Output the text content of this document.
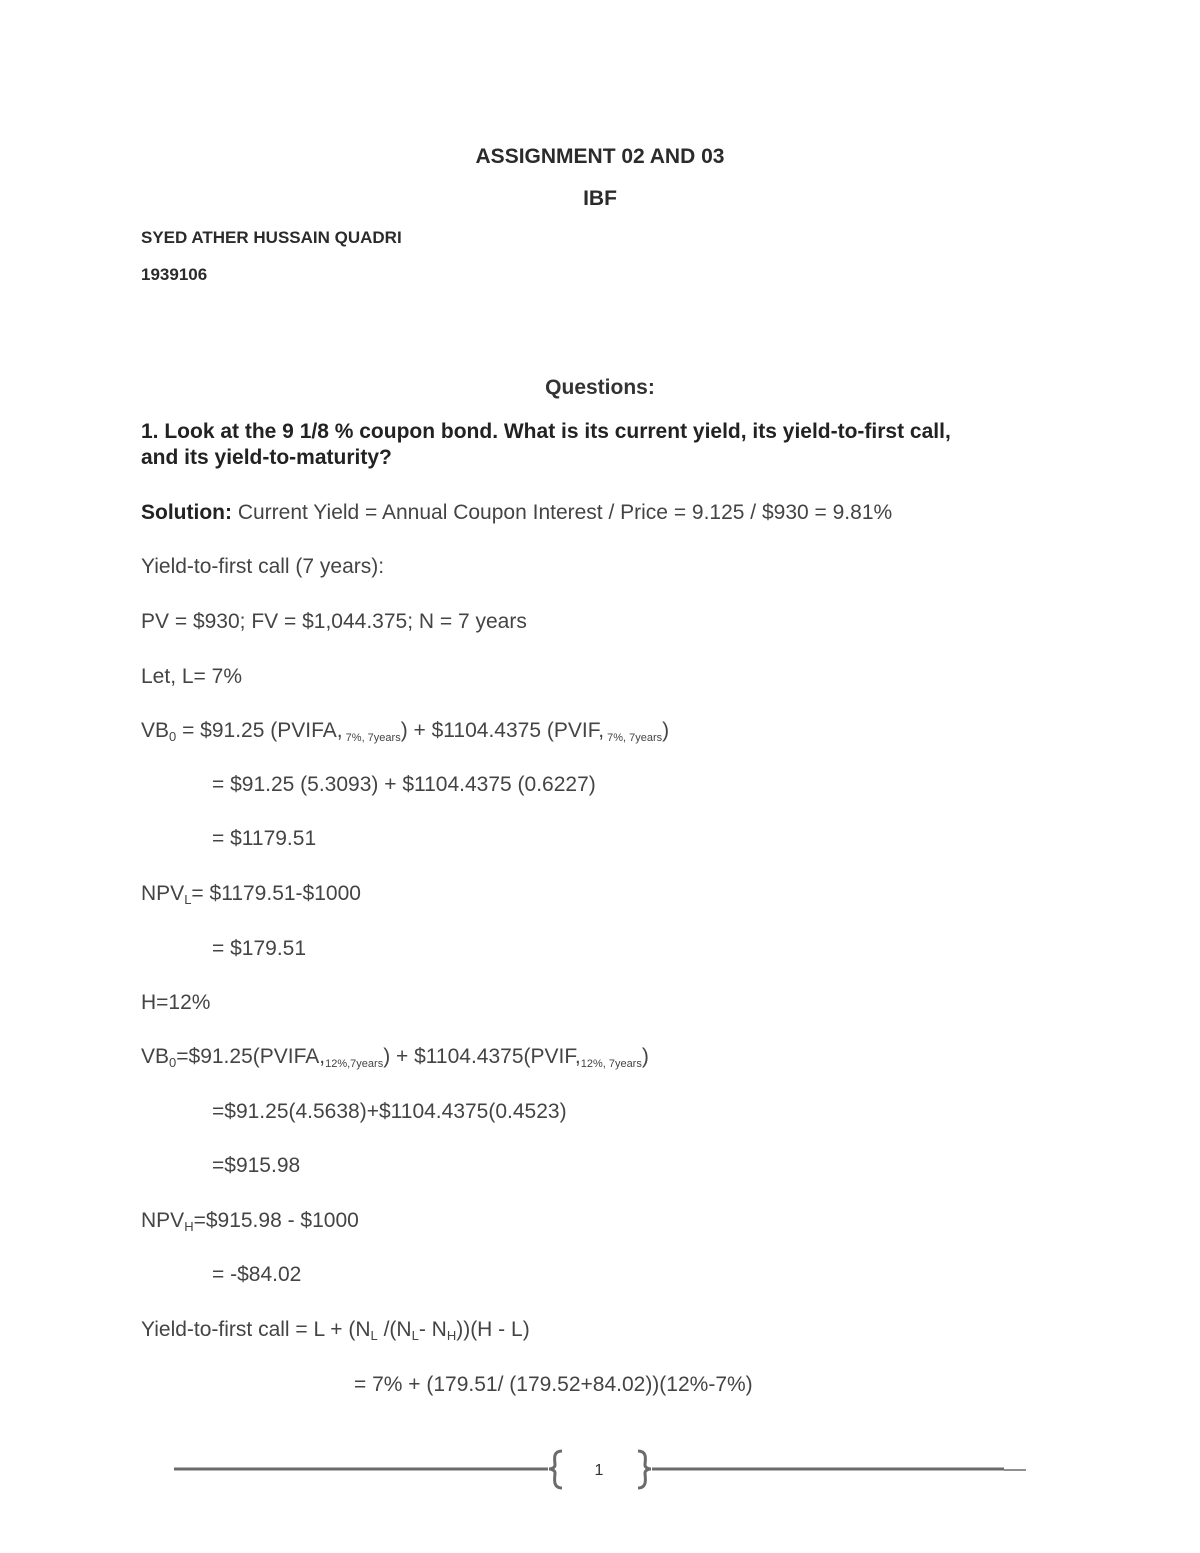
ASSIGNMENT 02 AND 03
IBF
SYED ATHER HUSSAIN QUADRI
1939106
Questions:
1. Look at the 9 1/8 % coupon bond. What is its current yield, its yield-to-first call,
and its yield-to-maturity?
Solution: Current Yield = Annual Coupon Interest / Price = 9.125 / $930 = 9.81%
Yield-to-first call (7 years):
PV = $930; FV = $1,044.375; N = 7 years
Let, L= 7%
VB0 = $91.25 (PVIFA, $_{7\%, 7years}$) + $1104.4375 (PVIF, $_{7\%, 7years}$)
= $91.25 (5.3093) + $1104.4375 (0.6227)
= $1179.51
NPVL= $1179.51-$1000
= $179.51
H=12%
$VB0=\$91.25(PVIFA,_{12\%,7years})$ + $\$1104.4375(PVIF,_{12\%, 7years})$
=$91.25(4.5638)+$1104.4375(0.4523)
=$915.98
NPVH=$915.98 - $1000
= -$84.02
Yield-to-first call = L + (NL /(NL- NH))(H - L)
= 7% + (179.51/ (179.52+84.02))(12%-7%)
1
